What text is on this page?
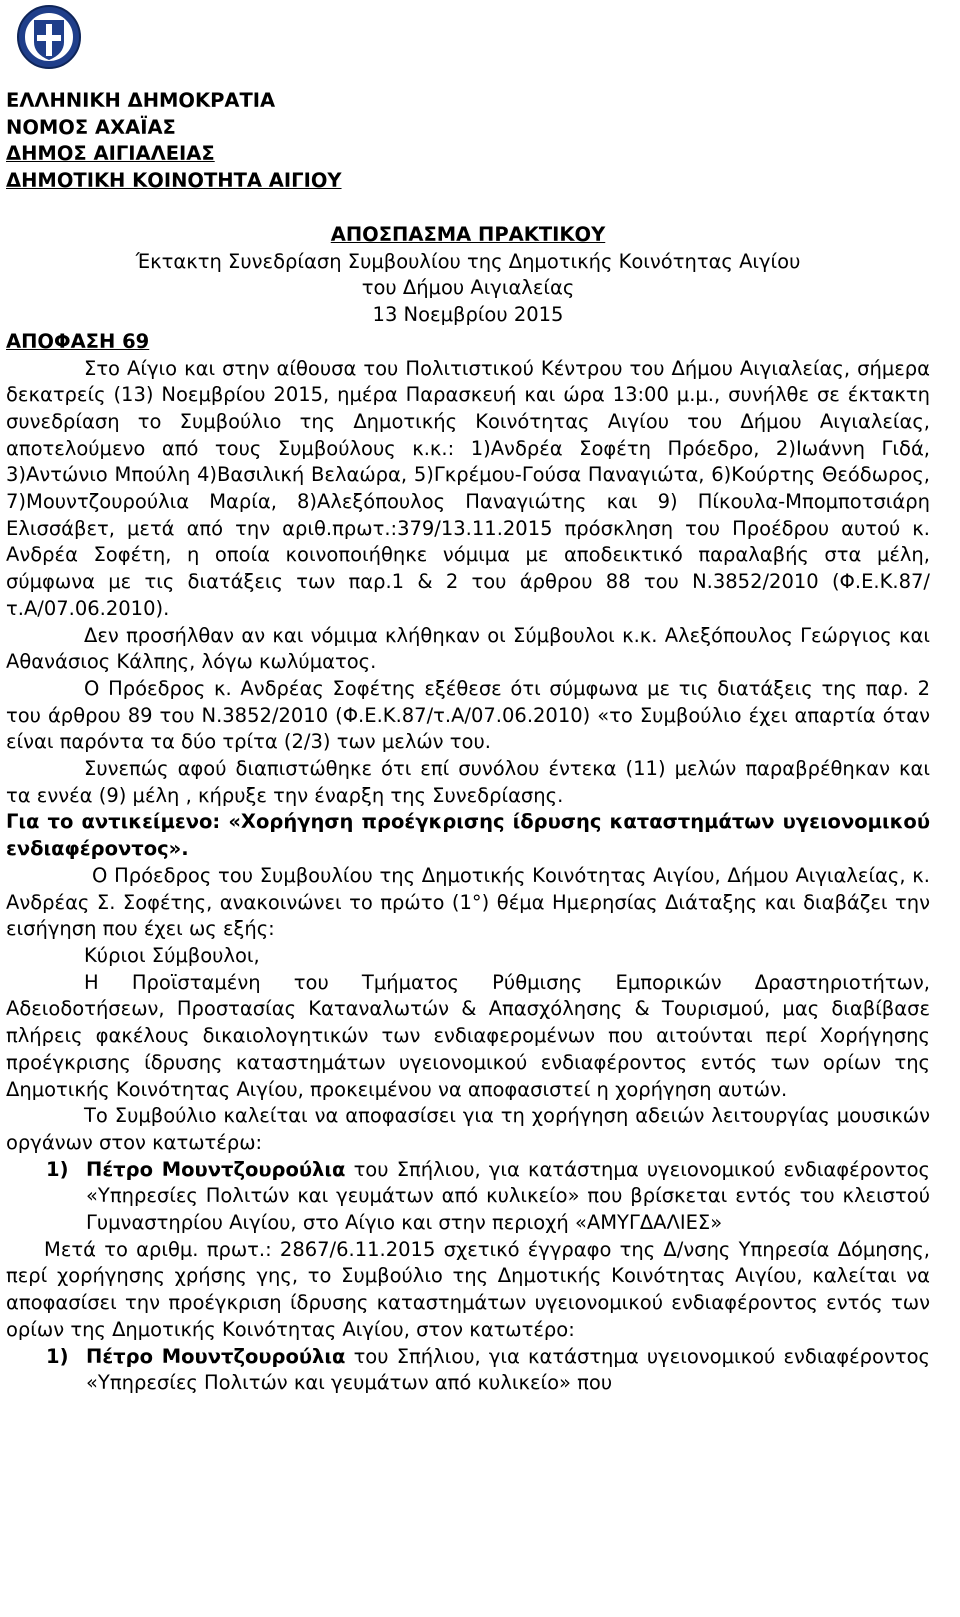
ΕΛΛΗΝΙΚΗ ΔΗΜΟΚΡΑΤΙΑ
ΝΟΜΟΣ ΑΧΑΪΑΣ
ΔΗΜΟΣ ΑΙΓΙΑΛΕΙΑΣ
ΔΗΜΟΤΙΚΗ ΚΟΙΝΟΤΗΤΑ ΑΙΓΙΟΥ
ΑΠΟΣΠΑΣΜΑ ΠΡΑΚΤΙΚΟΥ
Έκτακτη Συνεδρίαση Συμβουλίου της Δημοτικής Κοινότητας Αιγίου
του Δήμου Αιγιαλείας
13 Νοεμβρίου 2015
ΑΠΟΦΑΣΗ 69

Στο Αίγιο και στην αίθουσα του Πολιτιστικού Κέντρου του Δήμου Αιγιαλείας, σήμερα δεκατρείς (13) Νοεμβρίου 2015, ημέρα Παρασκευή και ώρα 13:00 μ.μ., συνήλθε σε έκτακτη συνεδρίαση το Συμβούλιο της Δημοτικής Κοινότητας Αιγίου του Δήμου Αιγιαλείας, αποτελούμενο από τους Συμβούλους κ.κ.: 1)Ανδρέα Σοφέτη Πρόεδρο, 2)Ιωάννη Γιδά, 3)Αντώνιο Μπούλη 4)Βασιλική Βελαώρα, 5)Γκρέμου-Γούσα Παναγιώτα, 6)Κούρτης Θεόδωρος, 7)Μουντζουρούλια Μαρία, 8)Αλεξόπουλος Παναγιώτης και 9) Πίκουλα-Μπομποτσιάρη Ελισσάβετ, μετά από την αριθ.πρωτ.:379/13.11.2015 πρόσκληση του Προέδρου αυτού κ. Ανδρέα Σοφέτη, η οποία κοινοποιήθηκε νόμιμα με αποδεικτικό παραλαβής στα μέλη, σύμφωνα με τις διατάξεις των παρ.1 & 2 του άρθρου 88 του Ν.3852/2010 (Φ.Ε.Κ.87/τ.Α/07.06.2010).

Δεν προσήλθαν αν και νόμιμα κλήθηκαν οι Σύμβουλοι κ.κ. Αλεξόπουλος Γεώργιος και Αθανάσιος Κάλπης, λόγω κωλύματος.

Ο Πρόεδρος κ. Ανδρέας Σοφέτης εξέθεσε ότι σύμφωνα με τις διατάξεις της παρ. 2 του άρθρου 89 του Ν.3852/2010 (Φ.Ε.Κ.87/τ.Α/07.06.2010) «το Συμβούλιο έχει απαρτία όταν είναι παρόντα τα δύο τρίτα (2/3) των μελών του.

Συνεπώς αφού διαπιστώθηκε ότι επί συνόλου έντεκα (11) μελών παραβρέθηκαν και τα εννέα (9) μέλη , κήρυξε την έναρξη της Συνεδρίασης.

Για το αντικείμενο: «Χορήγηση προέγκρισης ίδρυσης καταστημάτων υγειονομικού ενδιαφέροντος».

Ο Πρόεδρος του Συμβουλίου της Δημοτικής Κοινότητας Αιγίου, Δήμου Αιγιαλείας, κ. Ανδρέας Σ. Σοφέτης, ανακοινώνει το πρώτο (1°) θέμα Ημερησίας Διάταξης και διαβάζει την εισήγηση που έχει ως εξής:

Κύριοι Σύμβουλοι,

Η Προϊσταμένη του Τμήματος Ρύθμισης Εμπορικών Δραστηριοτήτων, Αδειοδοτήσεων, Προστασίας Καταναλωτών & Απασχόλησης & Τουρισμού, μας διαβίβασε πλήρεις φακέλους δικαιολογητικών των ενδιαφερομένων που αιτούνται περί Χορήγησης προέγκρισης ίδρυσης καταστημάτων υγειονομικού ενδιαφέροντος εντός των ορίων της Δημοτικής Κοινότητας Αιγίου, προκειμένου να αποφασιστεί η χορήγηση αυτών.

Το Συμβούλιο καλείται να αποφασίσει για τη χορήγηση αδειών λειτουργίας μουσικών οργάνων στον κατωτέρω:

1) Πέτρο Μουντζουρούλια του Σπήλιου, για κατάστημα υγειονομικού ενδιαφέροντος «Υπηρεσίες Πολιτών και γευμάτων από κυλικείο» που βρίσκεται εντός του κλειστού Γυμναστηρίου Αιγίου, στο Αίγιο και στην περιοχή «ΑΜΥΓΔΑΛΙΕΣ»

Μετά το αριθμ. πρωτ.: 2867/6.11.2015 σχετικό έγγραφο της Δ/νσης Υπηρεσία Δόμησης, περί χορήγησης χρήσης γης, το Συμβούλιο της Δημοτικής Κοινότητας Αιγίου, καλείται να αποφασίσει την προέγκριση ίδρυσης καταστημάτων υγειονομικού ενδιαφέροντος εντός των ορίων της Δημοτικής Κοινότητας Αιγίου, στον κατωτέρο:

1) Πέτρο Μουντζουρούλια του Σπήλιου, για κατάστημα υγειονομικού ενδιαφέροντος «Υπηρεσίες Πολιτών και γευμάτων από κυλικείο» που
